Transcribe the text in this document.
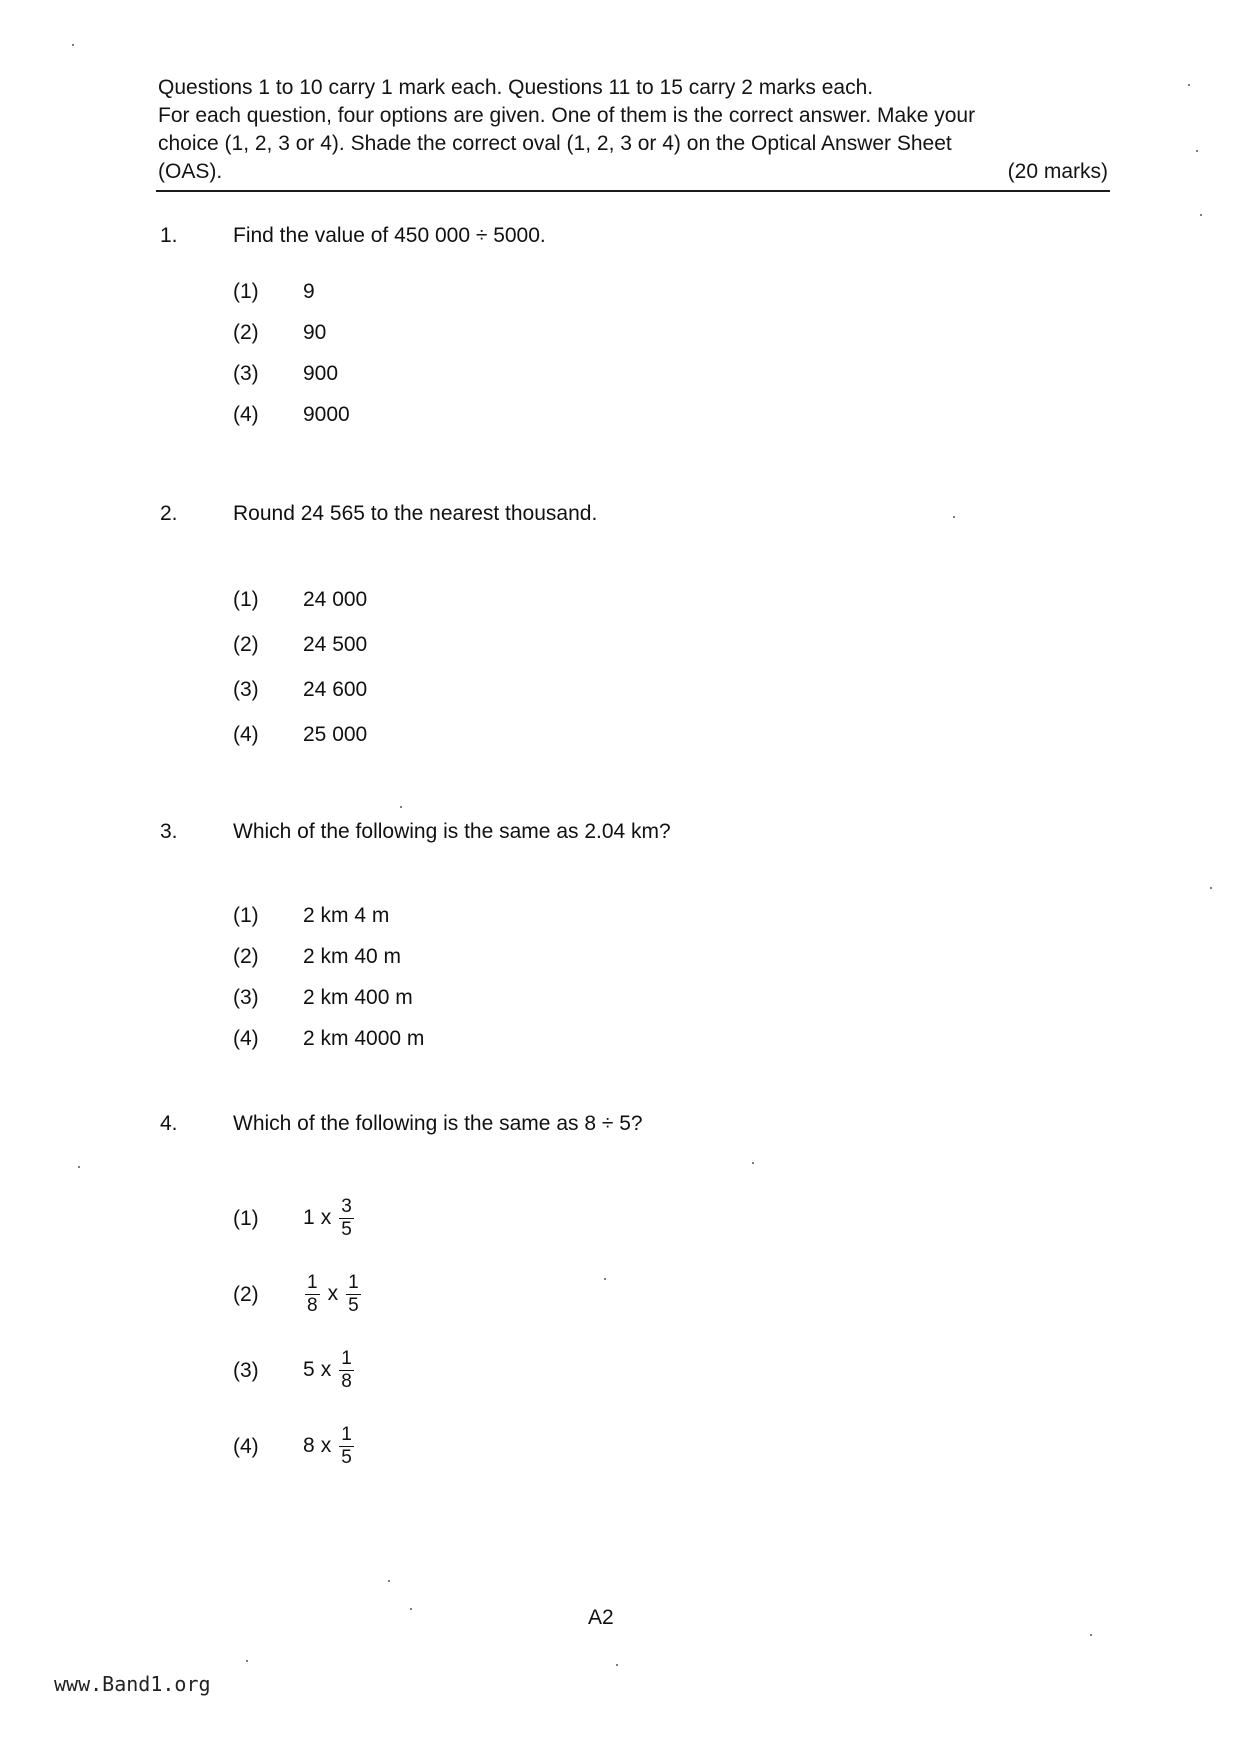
Questions 1 to 10 carry 1 mark each. Questions 11 to 15 carry 2 marks each.
For each question, four options are given. One of them is the correct answer. Make your
choice (1, 2, 3 or 4). Shade the correct oval (1, 2, 3 or 4) on the Optical Answer Sheet
(OAS).	(20 marks)
1.	Find the value of 450 000 ÷ 5000.
(1)	9
(2)	90
(3)	900
(4)	9000
2.	Round 24 565 to the nearest thousand.
(1)	24 000
(2)	24 500
(3)	24 600
(4)	25 000
3.	Which of the following is the same as 2.04 km?
(1)	2 km 4 m
(2)	2 km 40 m
(3)	2 km 400 m
(4)	2 km 4000 m
4.	Which of the following is the same as 8 ÷ 5?
(1)	1 x $\frac{3}{5}$
(2)	$\frac{1}{8}$ x $\frac{1}{5}$
(3)	5 x $\frac{1}{8}$
(4)	8 x $\frac{1}{5}$
A2
www.Band1.org
